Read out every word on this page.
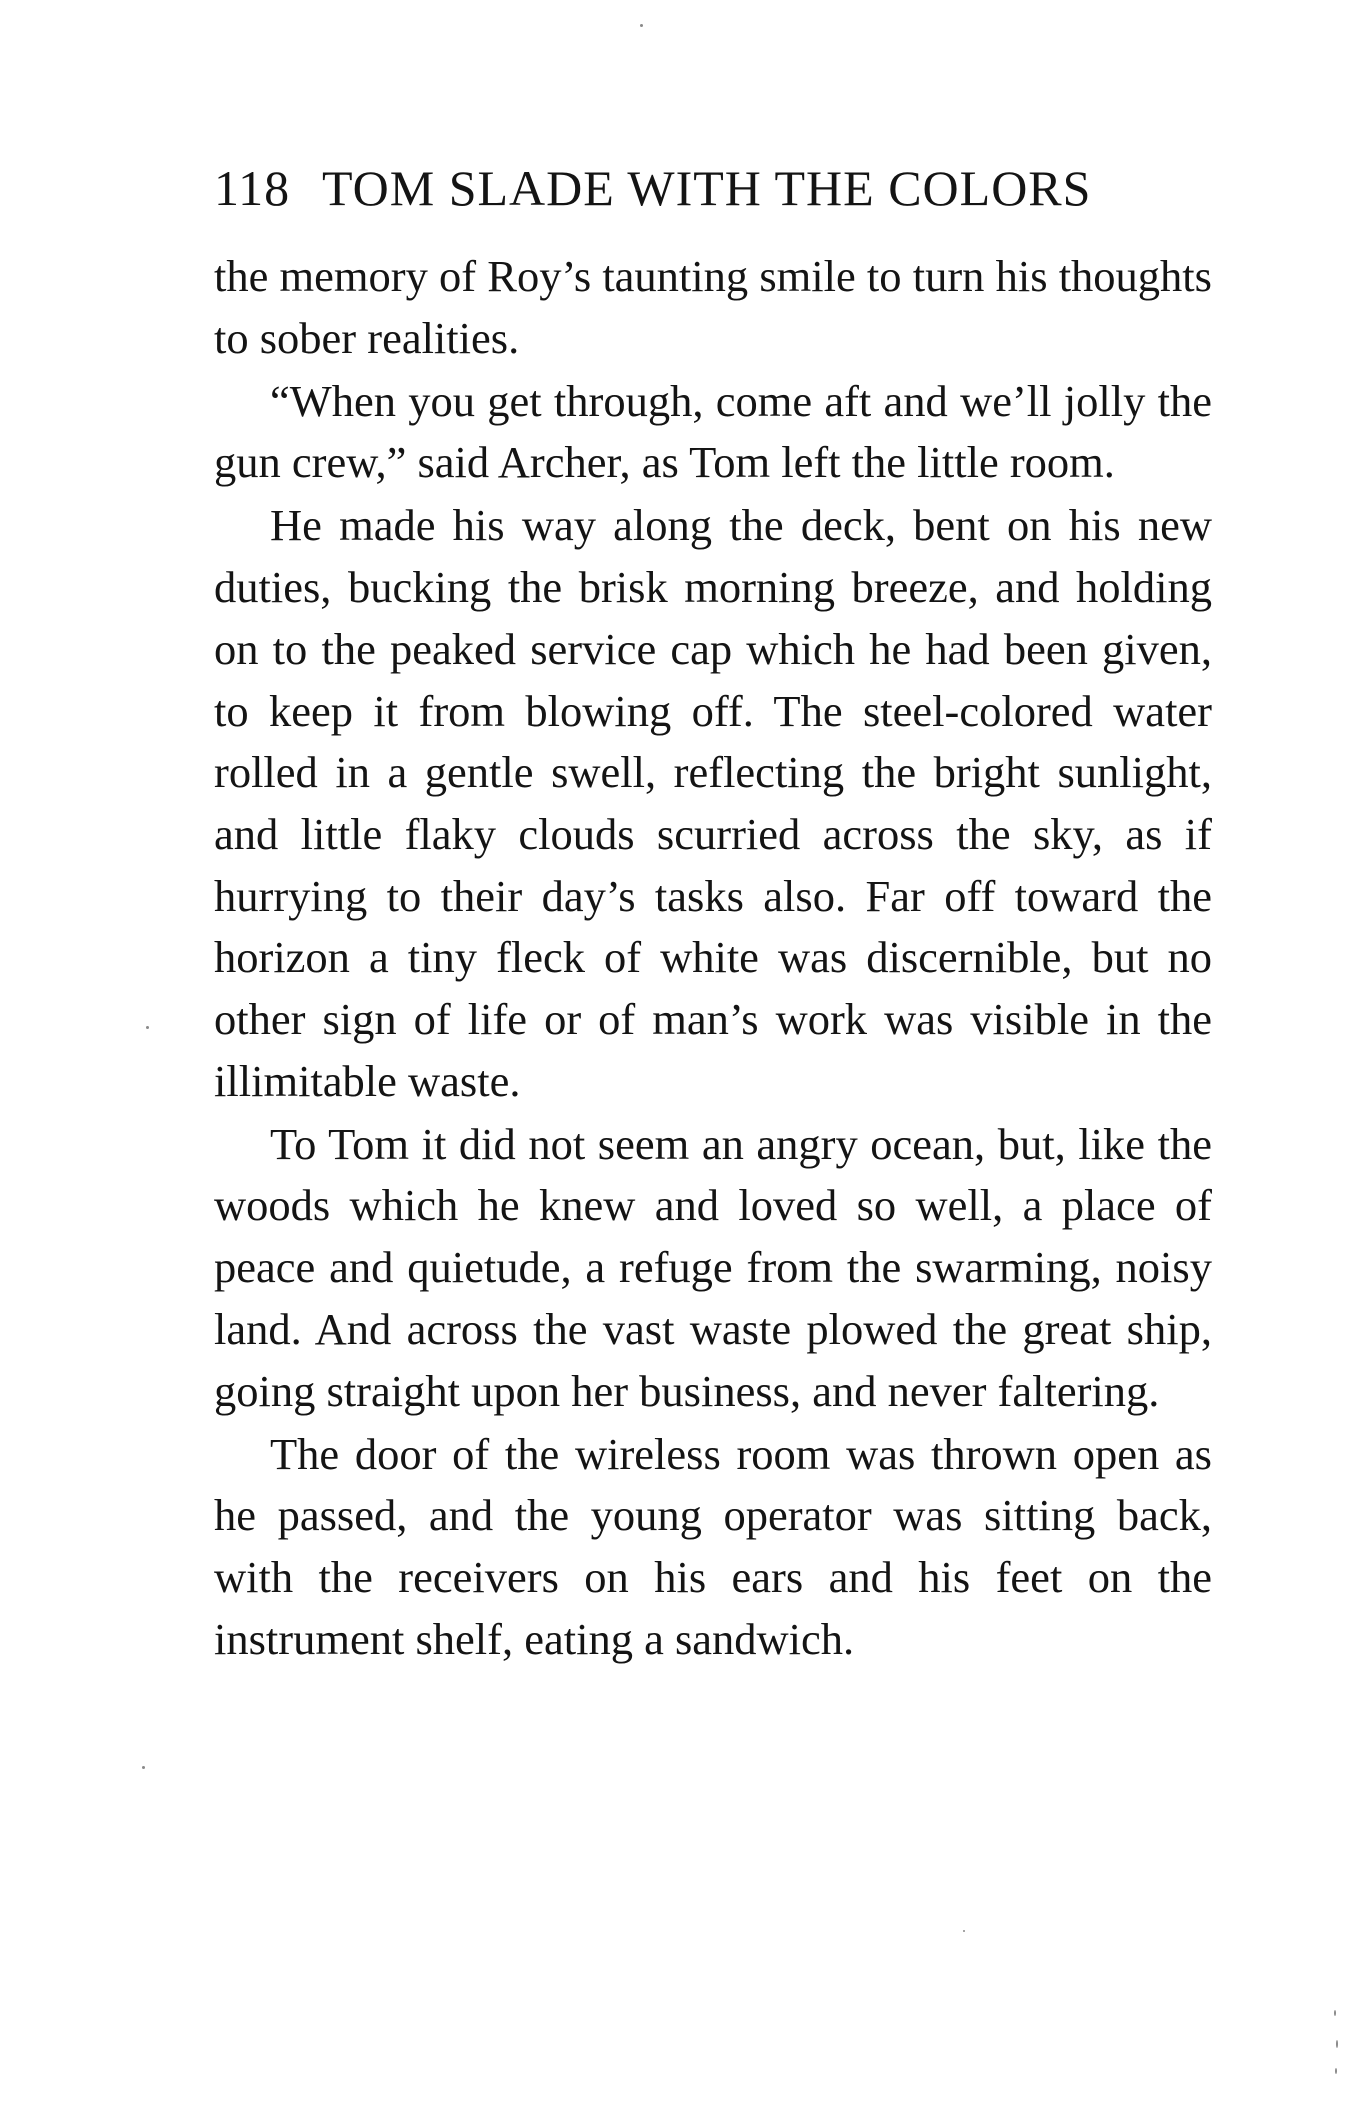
118 TOM SLADE WITH THE COLORS

the memory of Roy’s taunting smile to turn his thoughts to sober realities.

“When you get through, come aft and we’ll jolly the gun crew,” said Archer, as Tom left the little room.

He made his way along the deck, bent on his new duties, bucking the brisk morning breeze, and holding on to the peaked service cap which he had been given, to keep it from blowing off. The steel-colored water rolled in a gentle swell, reflecting the bright sunlight, and little flaky clouds scurried across the sky, as if hurrying to their day’s tasks also. Far off toward the horizon a tiny fleck of white was discernible, but no other sign of life or of man’s work was visible in the illimitable waste.

To Tom it did not seem an angry ocean, but, like the woods which he knew and loved so well, a place of peace and quietude, a refuge from the swarming, noisy land. And across the vast waste plowed the great ship, going straight upon her business, and never faltering.

The door of the wireless room was thrown open as he passed, and the young operator was sitting back, with the receivers on his ears and his feet on the instrument shelf, eating a sandwich.
